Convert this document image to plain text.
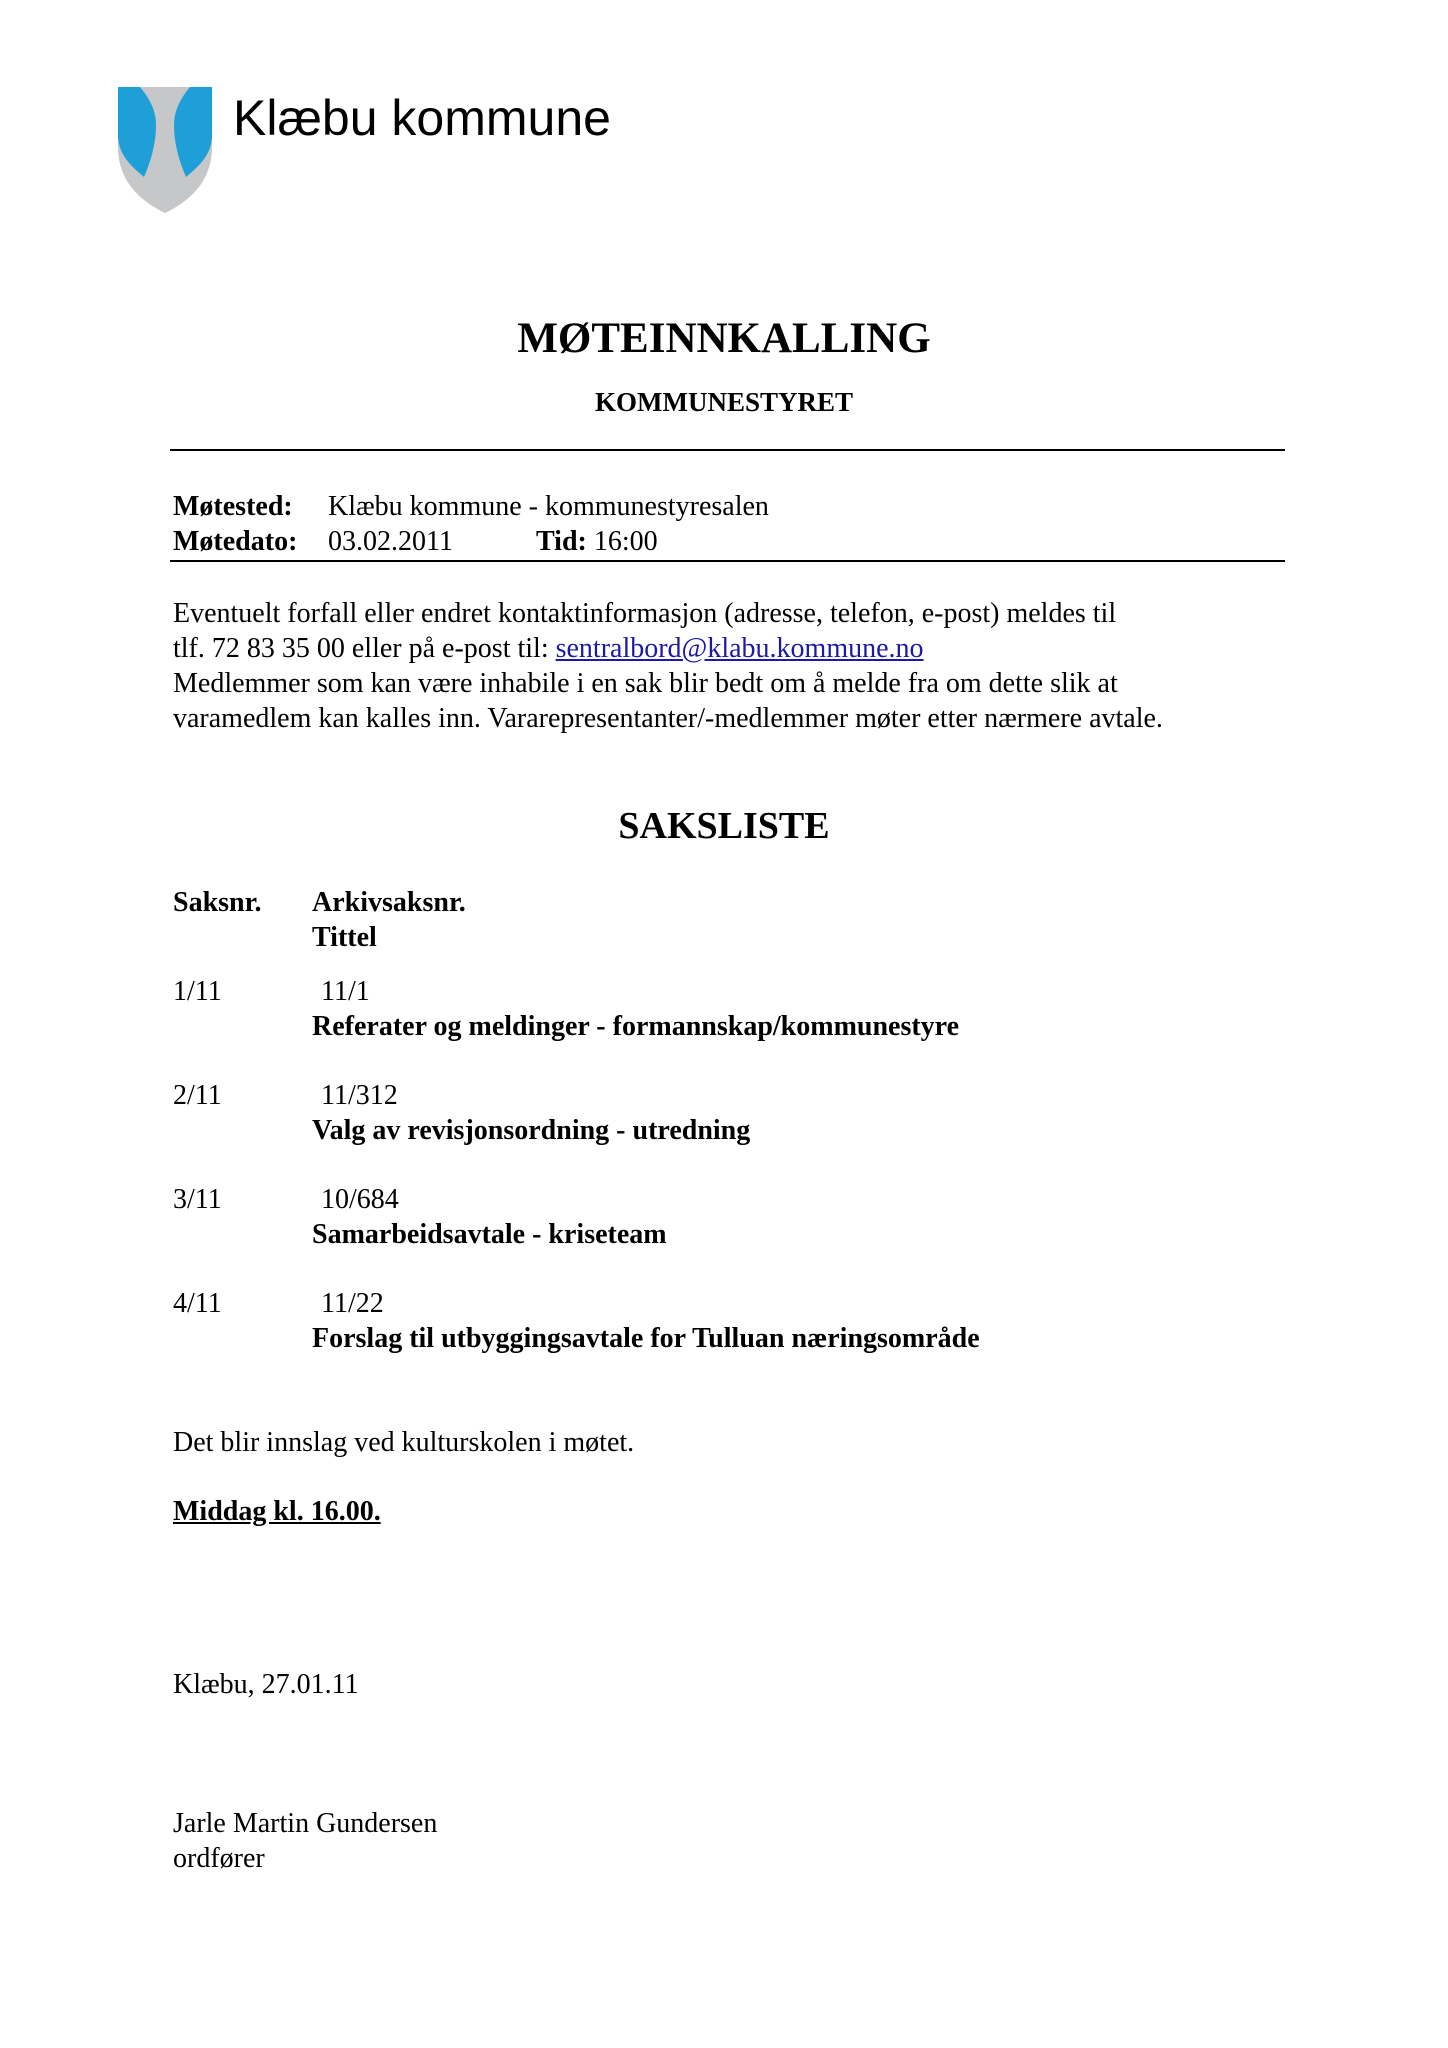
Klæbu kommune
MØTEINNKALLING
KOMMUNESTYRET
Møtested: Klæbu kommune - kommunestyresalen
Møtedato: 03.02.2011	Tid: 16:00
Eventuelt forfall eller endret kontaktinformasjon (adresse, telefon, e-post) meldes til
tlf. 72 83 35 00 eller på e-post til: sentralbord@klabu.kommune.no
Medlemmer som kan være inhabile i en sak blir bedt om å melde fra om dette slik at
varamedlem kan kalles inn. Vararepresentanter/-medlemmer møter etter nærmere avtale.
SAKSLISTE
Saksnr. Arkivsaksnr.
Tittel
1/11	11/1
Referater og meldinger - formannskap/kommunestyre
2/11	11/312
Valg av revisjonsordning - utredning
3/11	10/684
Samarbeidsavtale - kriseteam
4/11	11/22
Forslag til utbyggingsavtale for Tulluan næringsområde
Det blir innslag ved kulturskolen i møtet.
Middag kl. 16.00.
Klæbu, 27.01.11
Jarle Martin Gundersen
ordfører
